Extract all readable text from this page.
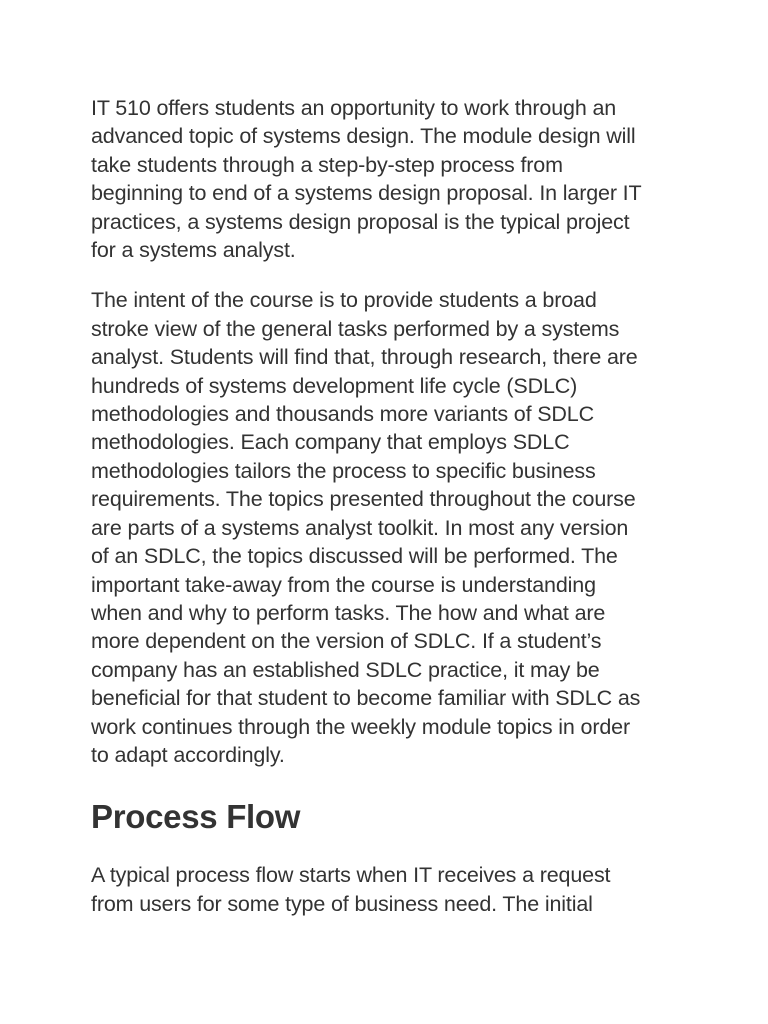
IT 510 offers students an opportunity to work through an
advanced topic of systems design. The module design will
take students through a step-by-step process from
beginning to end of a systems design proposal. In larger IT
practices, a systems design proposal is the typical project
for a systems analyst.

The intent of the course is to provide students a broad
stroke view of the general tasks performed by a systems
analyst. Students will find that, through research, there are
hundreds of systems development life cycle (SDLC)
methodologies and thousands more variants of SDLC
methodologies. Each company that employs SDLC
methodologies tailors the process to specific business
requirements. The topics presented throughout the course
are parts of a systems analyst toolkit. In most any version
of an SDLC, the topics discussed will be performed. The
important take-away from the course is understanding
when and why to perform tasks. The how and what are
more dependent on the version of SDLC. If a student’s
company has an established SDLC practice, it may be
beneficial for that student to become familiar with SDLC as
work continues through the weekly module topics in order
to adapt accordingly.

Process Flow

A typical process flow starts when IT receives a request
from users for some type of business need. The initial
